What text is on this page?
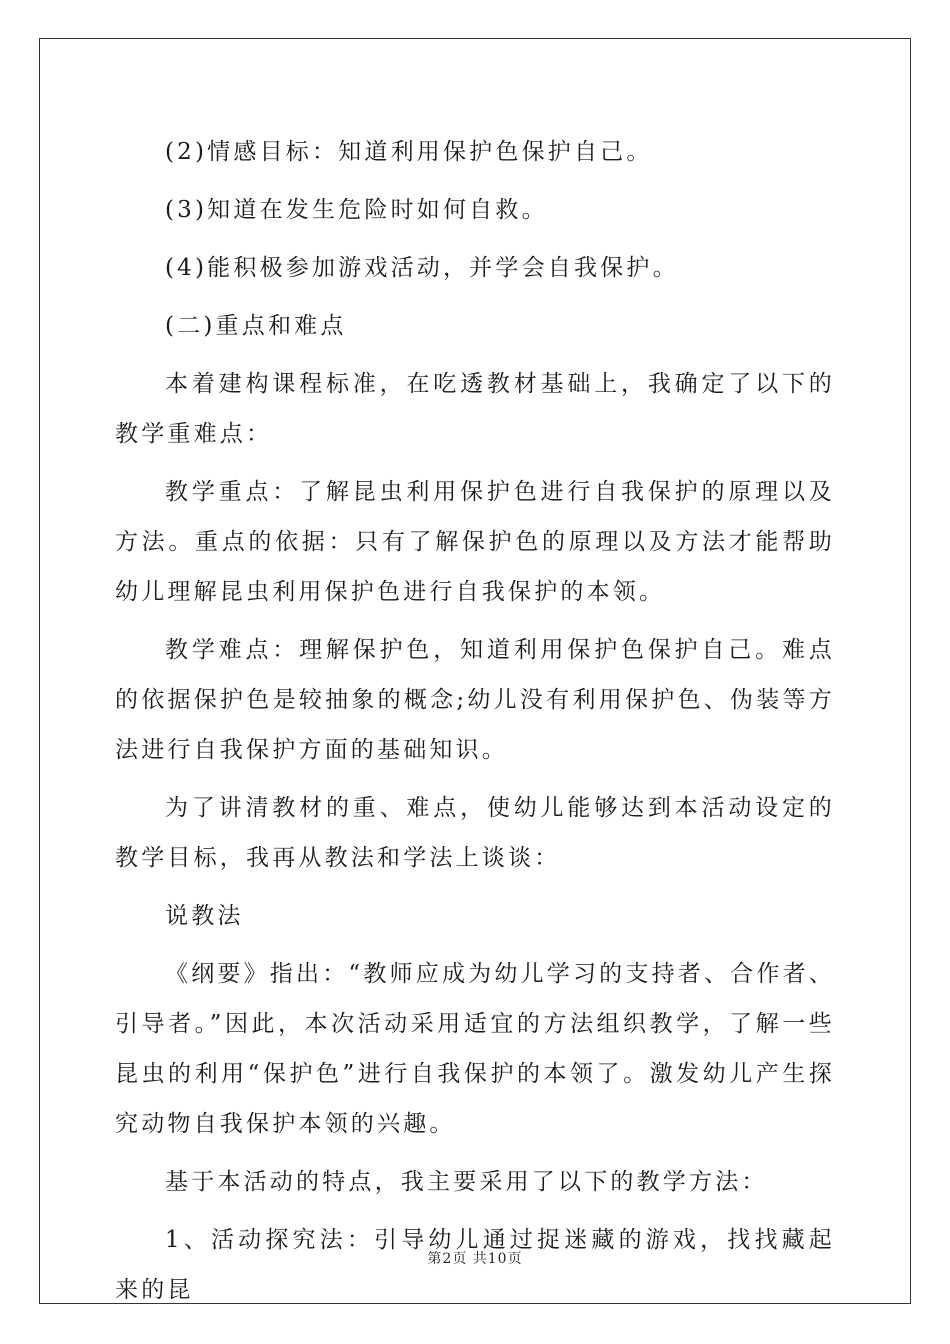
(2)情感目标：知道利用保护色保护自己。

(3)知道在发生危险时如何自救。

(4)能积极参加游戏活动，并学会自我保护。

(二)重点和难点

本着建构课程标准，在吃透教材基础上，我确定了以下的教学重难点：

教学重点：了解昆虫利用保护色进行自我保护的原理以及方法。重点的依据：只有了解保护色的原理以及方法才能帮助幼儿理解昆虫利用保护色进行自我保护的本领。

教学难点：理解保护色，知道利用保护色保护自己。难点的依据保护色是较抽象的概念;幼儿没有利用保护色、伪装等方法进行自我保护方面的基础知识。

为了讲清教材的重、难点，使幼儿能够达到本活动设定的教学目标，我再从教法和学法上谈谈：

说教法

《纲要》指出：“教师应成为幼儿学习的支持者、合作者、引导者。”因此，本次活动采用适宜的方法组织教学，了解一些昆虫的利用“保护色”进行自我保护的本领了。激发幼儿产生探究动物自我保护本领的兴趣。

基于本活动的特点，我主要采用了以下的教学方法：

1、活动探究法：引导幼儿通过捉迷藏的游戏，找找藏起来的昆

第2页 共10页
